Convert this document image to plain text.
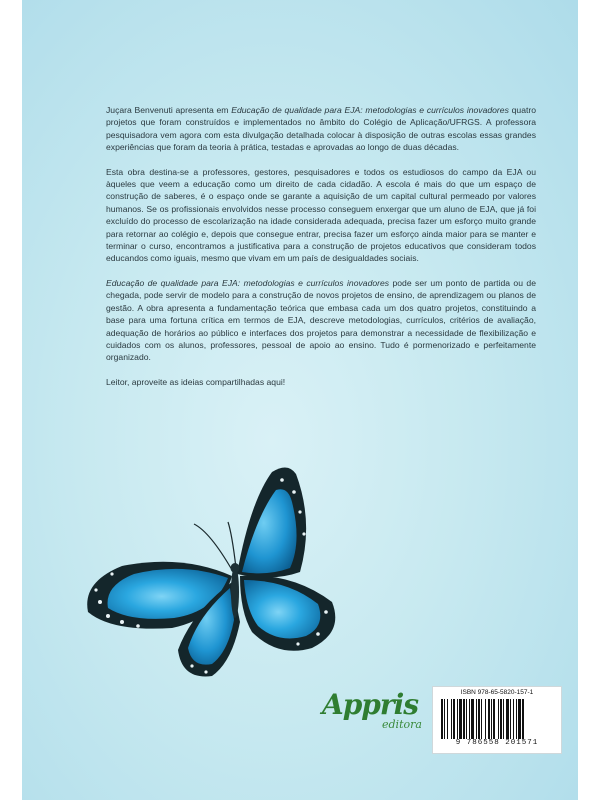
Juçara Benvenuti apresenta em Educação de qualidade para EJA: metodologias e currículos inovadores quatro projetos que foram construídos e implementados no âmbito do Colégio de Aplicação/UFRGS. A professora pesquisadora vem agora com esta divulgação detalhada colocar à disposição de outras escolas essas grandes experiências que foram da teoria à prática, testadas e aprovadas ao longo de duas décadas.

Esta obra destina-se a professores, gestores, pesquisadores e todos os estudiosos do campo da EJA ou àqueles que veem a educação como um direito de cada cidadão. A escola é mais do que um espaço de construção de saberes, é o espaço onde se garante a aquisição de um capital cultural permeado por valores humanos. Se os profissionais envolvidos nesse processo conseguem enxergar que um aluno de EJA, que já foi excluído do processo de escolarização na idade considerada adequada, precisa fazer um esforço muito grande para retornar ao colégio e, depois que consegue entrar, precisa fazer um esforço ainda maior para se manter e terminar o curso, encontramos a justificativa para a construção de projetos educativos que consideram todos educandos como iguais, mesmo que vivam em um país de desigualdades sociais.

Educação de qualidade para EJA: metodologias e currículos inovadores pode ser um ponto de partida ou de chegada, pode servir de modelo para a construção de novos projetos de ensino, de aprendizagem ou planos de gestão. A obra apresenta a fundamentação teórica que embasa cada um dos quatro projetos, constituindo a base para uma fortuna crítica em termos de EJA, descreve metodologias, currículos, critérios de avaliação, adequação de horários ao público e interfaces dos projetos para demonstrar a necessidade de flexibilização e cuidados com os alunos, professores, pessoal de apoio ao ensino. Tudo é pormenorizado e perfeitamente organizado.

Leitor, aproveite as ideias compartilhadas aqui!

Appris
editora
ISBN 978-65-5820-157-1
9 786558 201571
